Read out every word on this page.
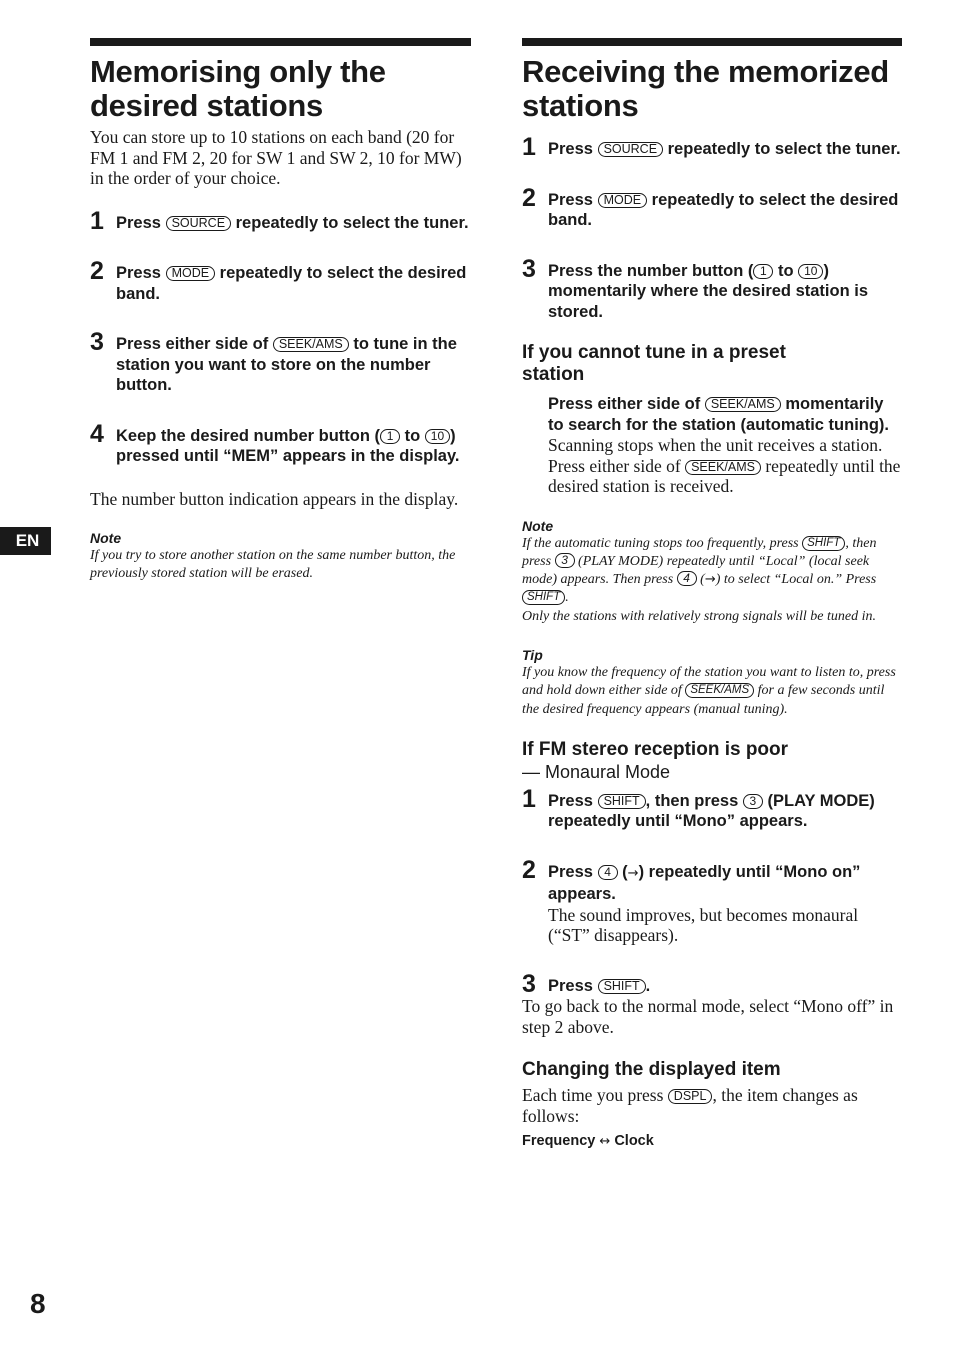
EN
8
Memorising only the
desired stations

You can store up to 10 stations on each band (20 for FM 1 and FM 2, 20 for SW 1 and SW 2, 10 for MW) in the order of your choice.

1 Press SOURCE repeatedly to select the tuner.

2 Press MODE repeatedly to select the desired band.

3 Press either side of SEEK/AMS to tune in the station you want to store on the number button.

4 Keep the desired number button ( 1 to 10 ) pressed until “MEM” appears in the display.

The number button indication appears in the display.

Note

If you try to store another station on the same number button, the previously stored station will be erased.

Receiving the memorized
stations
1 Press SOURCE repeatedly to select the tuner.

2 Press MODE repeatedly to select the desired band.

3 Press the number button ( 1 to 10 ) momentarily where the desired station is stored.

If you cannot tune in a preset
station

Press either side of SEEK/AMS momentarily to search for the station (automatic tuning).

Scanning stops when the unit receives a station. Press either side of SEEK/AMS repeatedly until the desired station is received.

Note

If the automatic tuning stops too frequently, press SHIFT , then press 3 (PLAY MODE) repeatedly until “Local” (local seek mode) appears. Then press 4 (→) to select “Local on.” Press SHIFT .

Only the stations with relatively strong signals will be tuned in.

Tip

If you know the frequency of the station you want to listen to, press and hold down either side of SEEK/AMS for a few seconds until the desired frequency appears (manual tuning).

If FM stereo reception is poor

— Monaural Mode

1 Press SHIFT , then press 3 (PLAY MODE) repeatedly until “Mono” appears.

2 Press 4 (→) repeatedly until “Mono on” appears.

The sound improves, but becomes monaural (“ST” disappears).

3 Press SHIFT .

To go back to the normal mode, select “Mono off” in step 2 above.

Changing the displayed item

Each time you press DSPL , the item changes as follows:

Frequency ↔ Clock
